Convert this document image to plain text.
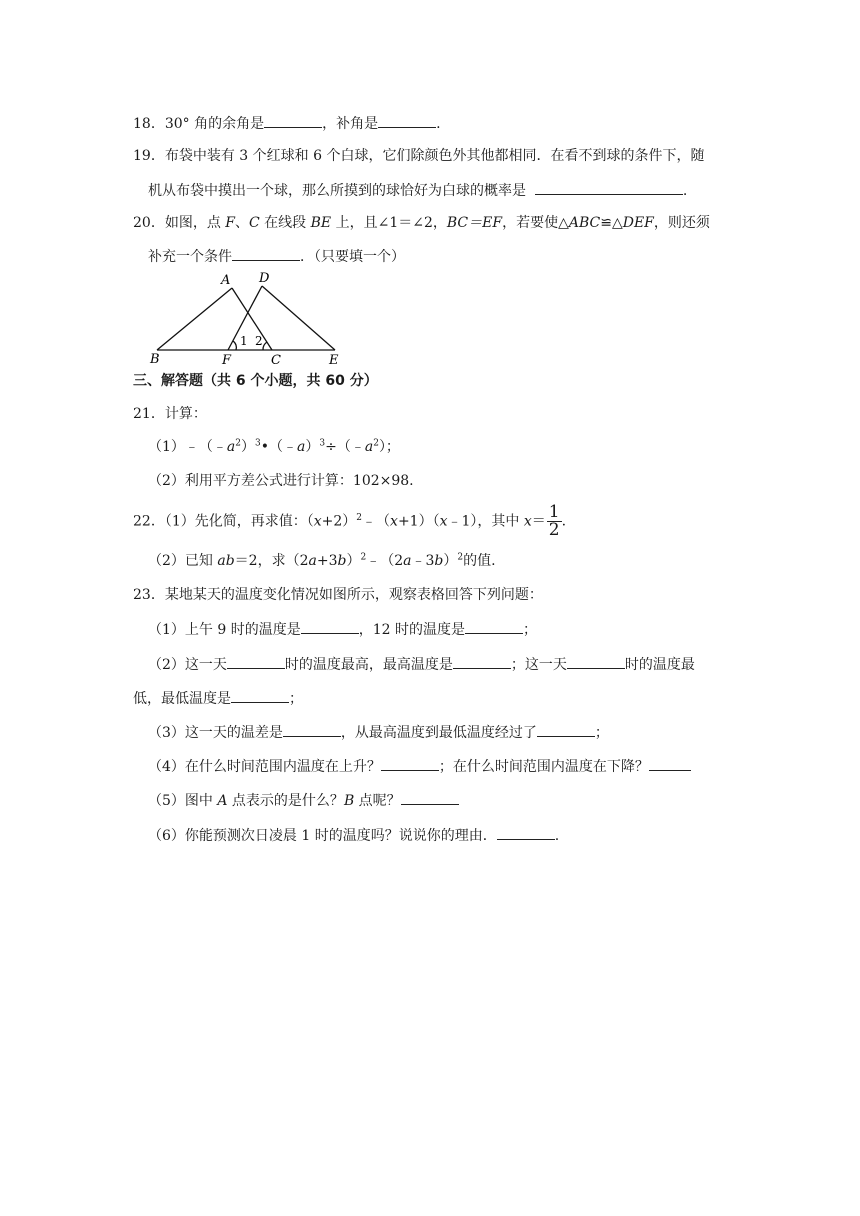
18．30° 角的余角是	，补角是	.
19．布袋中装有 3 个红球和 6 个白球，它们除颜色外其他都相同．在看不到球的条件下，随
机从布袋中摸出一个球，那么所摸到的球恰好为白球的概率是	.
20．如图，点 F、C 在线段 BE 上，且∠1＝∠2，BC＝EF，若要使△ABC≌△DEF，则还须
补充一个条件	．（只要填一个）
A D
B	F	C	E
1 2
三、解答题（共 6 个小题，共 60 分）
21．计算：
$(1)﹣(﹣a^2)^3•(﹣a)^3\div(﹣a^2)$；
（2）利用平方差公式进行计算：102×98.
22．（1）先化简，再求值：$(x+2)^2﹣(x+1)(x﹣1)$，其中 $x= \frac{1}{2}$ .
（2）已知 ab＝2，求$(2a+3b)^2﹣(2a﹣3b)^2$的值.
23．某地某天的温度变化情况如图所示，观察表格回答下列问题：
（1）上午 9 时的温度是	，12 时的温度是	；
（2）这一天	时的温度最高，最高温度是	；这一天	时的温度最
低，最低温度是	；
（3）这一天的温差是	，从最高温度到最低温度经过了	；
（4）在什么时间范围内温度在上升？	；在什么时间范围内温度在下降？
（5）图中 A 点表示的是什么？B 点呢？
（6）你能预测次日凌晨 1 时的温度吗？说说你的理由．	.
